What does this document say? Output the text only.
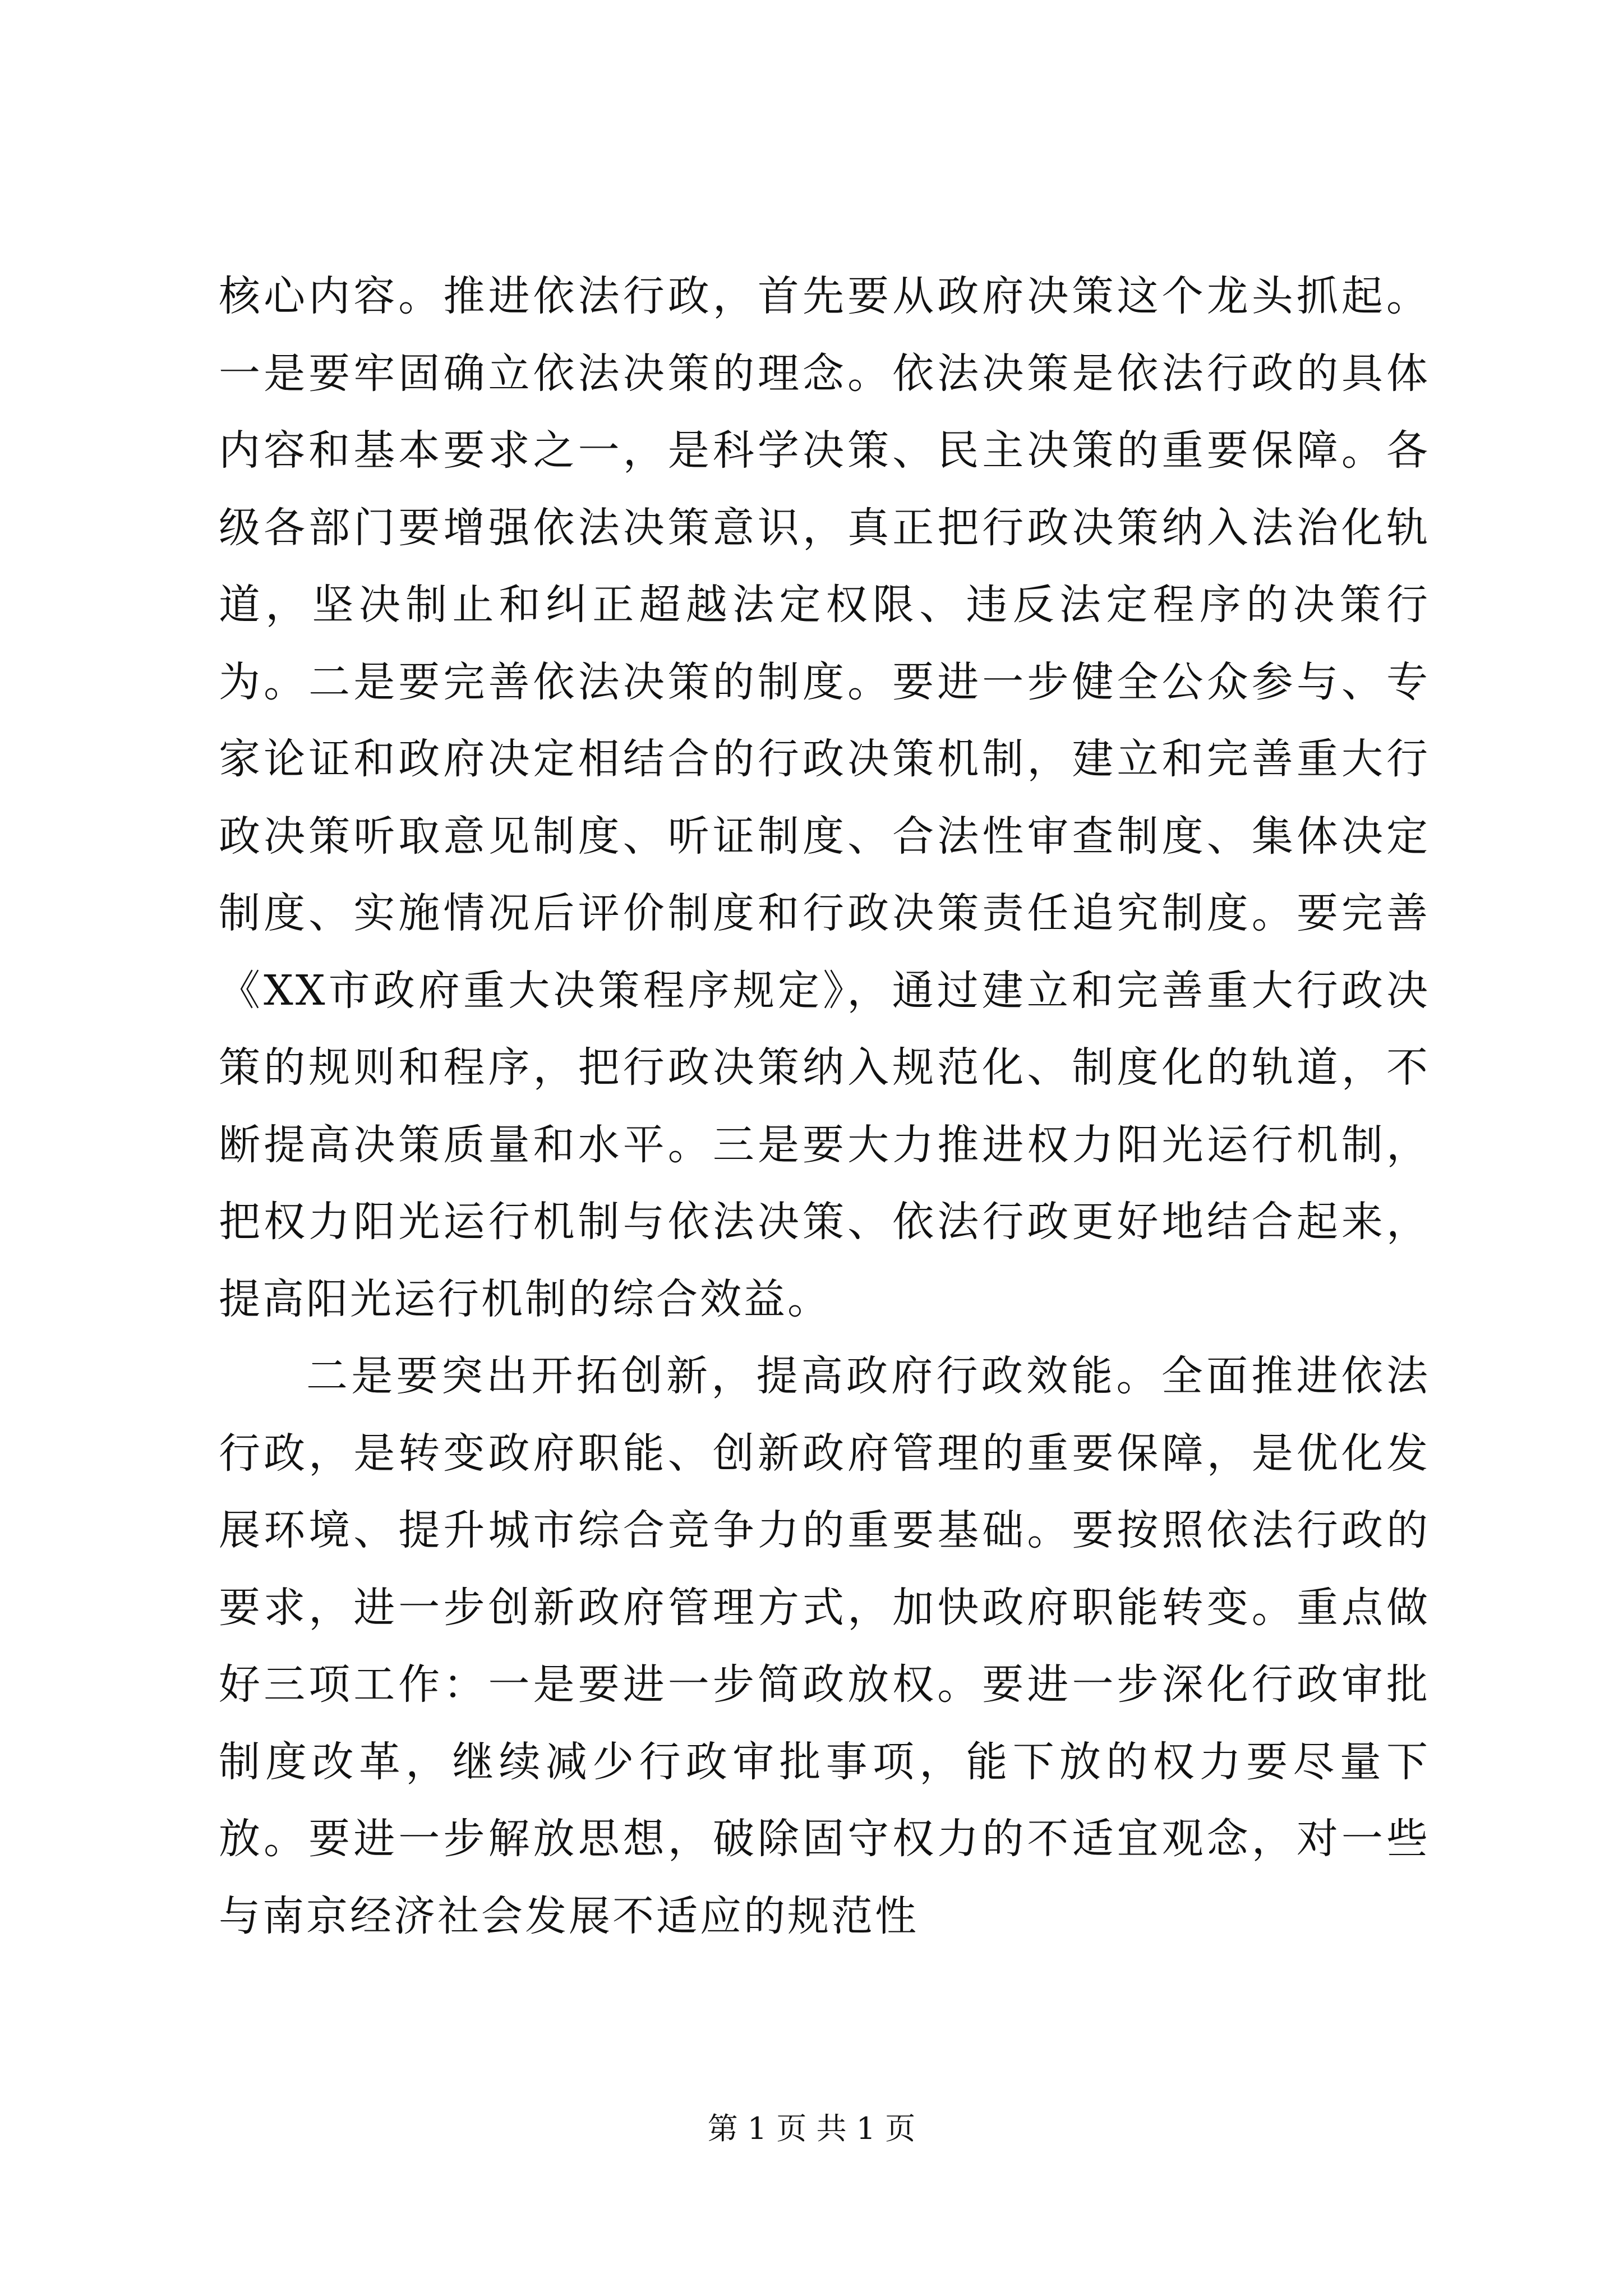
核心内容。推进依法行政，首先要从政府决策这个龙头抓起。一是要牢固确立依法决策的理念。依法决策是依法行政的具体内容和基本要求之一，是科学决策、民主决策的重要保障。各级各部门要增强依法决策意识，真正把行政决策纳入法治化轨道，坚决制止和纠正超越法定权限、违反法定程序的决策行为。二是要完善依法决策的制度。要进一步健全公众参与、专家论证和政府决定相结合的行政决策机制，建立和完善重大行政决策听取意见制度、听证制度、合法性审查制度、集体决定制度、实施情况后评价制度和行政决策责任追究制度。要完善《XX市政府重大决策程序规定》，通过建立和完善重大行政决策的规则和程序，把行政决策纳入规范化、制度化的轨道，不断提高决策质量和水平。三是要大力推进权力阳光运行机制，把权力阳光运行机制与依法决策、依法行政更好地结合起来，提高阳光运行机制的综合效益。

二是要突出开拓创新，提高政府行政效能。全面推进依法行政，是转变政府职能、创新政府管理的重要保障，是优化发展环境、提升城市综合竞争力的重要基础。要按照依法行政的要求，进一步创新政府管理方式，加快政府职能转变。重点做好三项工作：一是要进一步简政放权。要进一步深化行政审批制度改革，继续减少行政审批事项，能下放的权力要尽量下放。要进一步解放思想，破除固守权力的不适宜观念，对一些与南京经济社会发展不适应的规范性

第 1 页 共 1 页
